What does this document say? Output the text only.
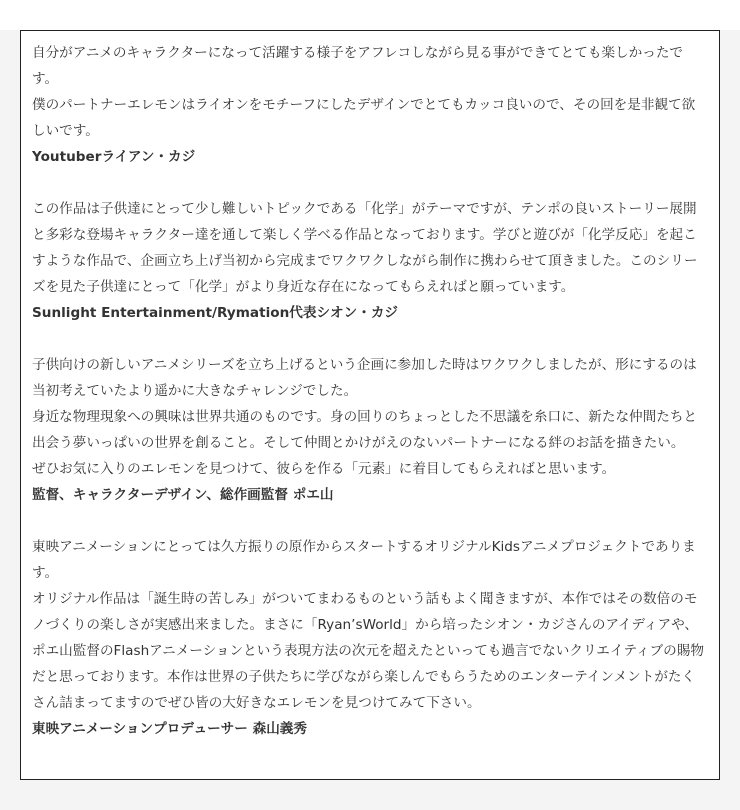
自分がアニメのキャラクターになって活躍する様子をアフレコしながら見る事ができてとても楽しかったです。

僕のパートナーエレモンはライオンをモチーフにしたデザインでとてもカッコ良いので、その回を是非観て欲しいです。

Youtuberライアン・カジ

この作品は子供達にとって少し難しいトピックである「化学」がテーマですが、テンポの良いストーリー展開と多彩な登場キャラクター達を通して楽しく学べる作品となっております。学びと遊びが「化学反応」を起こすような作品で、企画立ち上げ当初から完成までワクワクしながら制作に携わらせて頂きました。このシリーズを見た子供達にとって「化学」がより身近な存在になってもらえればと願っています。

Sunlight Entertainment/Rymation代表シオン・カジ

子供向けの新しいアニメシリーズを立ち上げるという企画に参加した時はワクワクしましたが、形にするのは当初考えていたより遥かに大きなチャレンジでした。

身近な物理現象への興味は世界共通のものです。身の回りのちょっとした不思議を糸口に、新たな仲間たちと出会う夢いっぱいの世界を創ること。そして仲間とかけがえのないパートナーになる絆のお話を描きたい。

ぜひお気に入りのエレモンを見つけて、彼らを作る「元素」に着目してもらえればと思います。

監督、キャラクターデザイン、総作画監督 ポエ山

東映アニメーションにとっては久方振りの原作からスタートするオリジナルKidsアニメプロジェクトであります。

オリジナル作品は「誕生時の苦しみ」がついてまわるものという話もよく聞きますが、本作ではその数倍のモノづくりの楽しさが実感出来ました。まさに「Ryan’sWorld」から培ったシオン・カジさんのアイディアや、ポエ山監督のFlashアニメーションという表現方法の次元を超えたといっても過言でないクリエイティブの賜物だと思っております。本作は世界の子供たちに学びながら楽しんでもらうためのエンターテインメントがたくさん詰まってますのでぜひ皆の大好きなエレモンを見つけてみて下さい。

東映アニメーションプロデューサー 森山義秀
